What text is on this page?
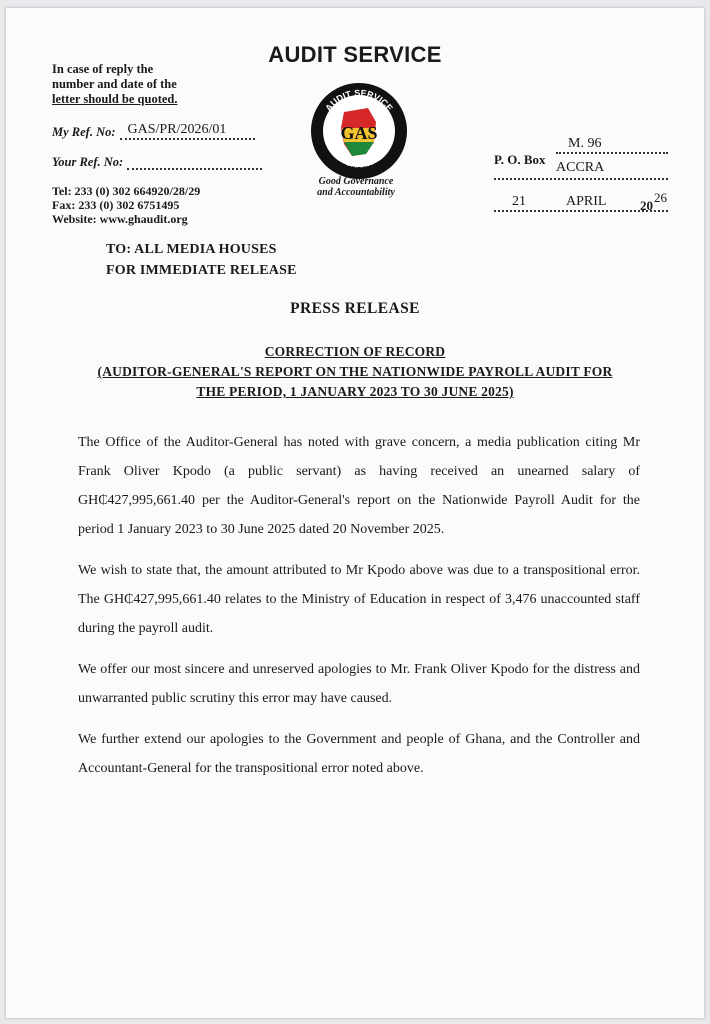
AUDIT SERVICE
In case of reply the
number and date of the
letter should be quoted.
My Ref. No: GAS/PR/2026/01
Your Ref. No:
Tel: 233 (0) 302 664920/28/29
Fax: 233 (0) 302 6751495
Website: www.ghaudit.org
GAS
AUDIT SERVICE
GHANA
Good Governance
and Accountability
M. 96
P. O. Box
ACCRA
21	APRIL	20
26
TO: ALL MEDIA HOUSES
FOR IMMEDIATE RELEASE
PRESS RELEASE
CORRECTION OF RECORD
(AUDITOR-GENERAL'S REPORT ON THE NATIONWIDE PAYROLL AUDIT FOR
THE PERIOD, 1 JANUARY 2023 TO 30 JUNE 2025)

The Office of the Auditor-General has noted with grave concern, a media publication citing Mr Frank Oliver Kpodo (a public servant) as having received an unearned salary of GH₵427,995,661.40 per the Auditor-General's report on the Nationwide Payroll Audit for the period 1 January 2023 to 30 June 2025 dated 20 November 2025.

We wish to state that, the amount attributed to Mr Kpodo above was due to a transpositional error. The GH₵427,995,661.40 relates to the Ministry of Education in respect of 3,476 unaccounted staff during the payroll audit.

We offer our most sincere and unreserved apologies to Mr. Frank Oliver Kpodo for the distress and unwarranted public scrutiny this error may have caused.

We further extend our apologies to the Government and people of Ghana, and the Controller and Accountant-General for the transpositional error noted above.
